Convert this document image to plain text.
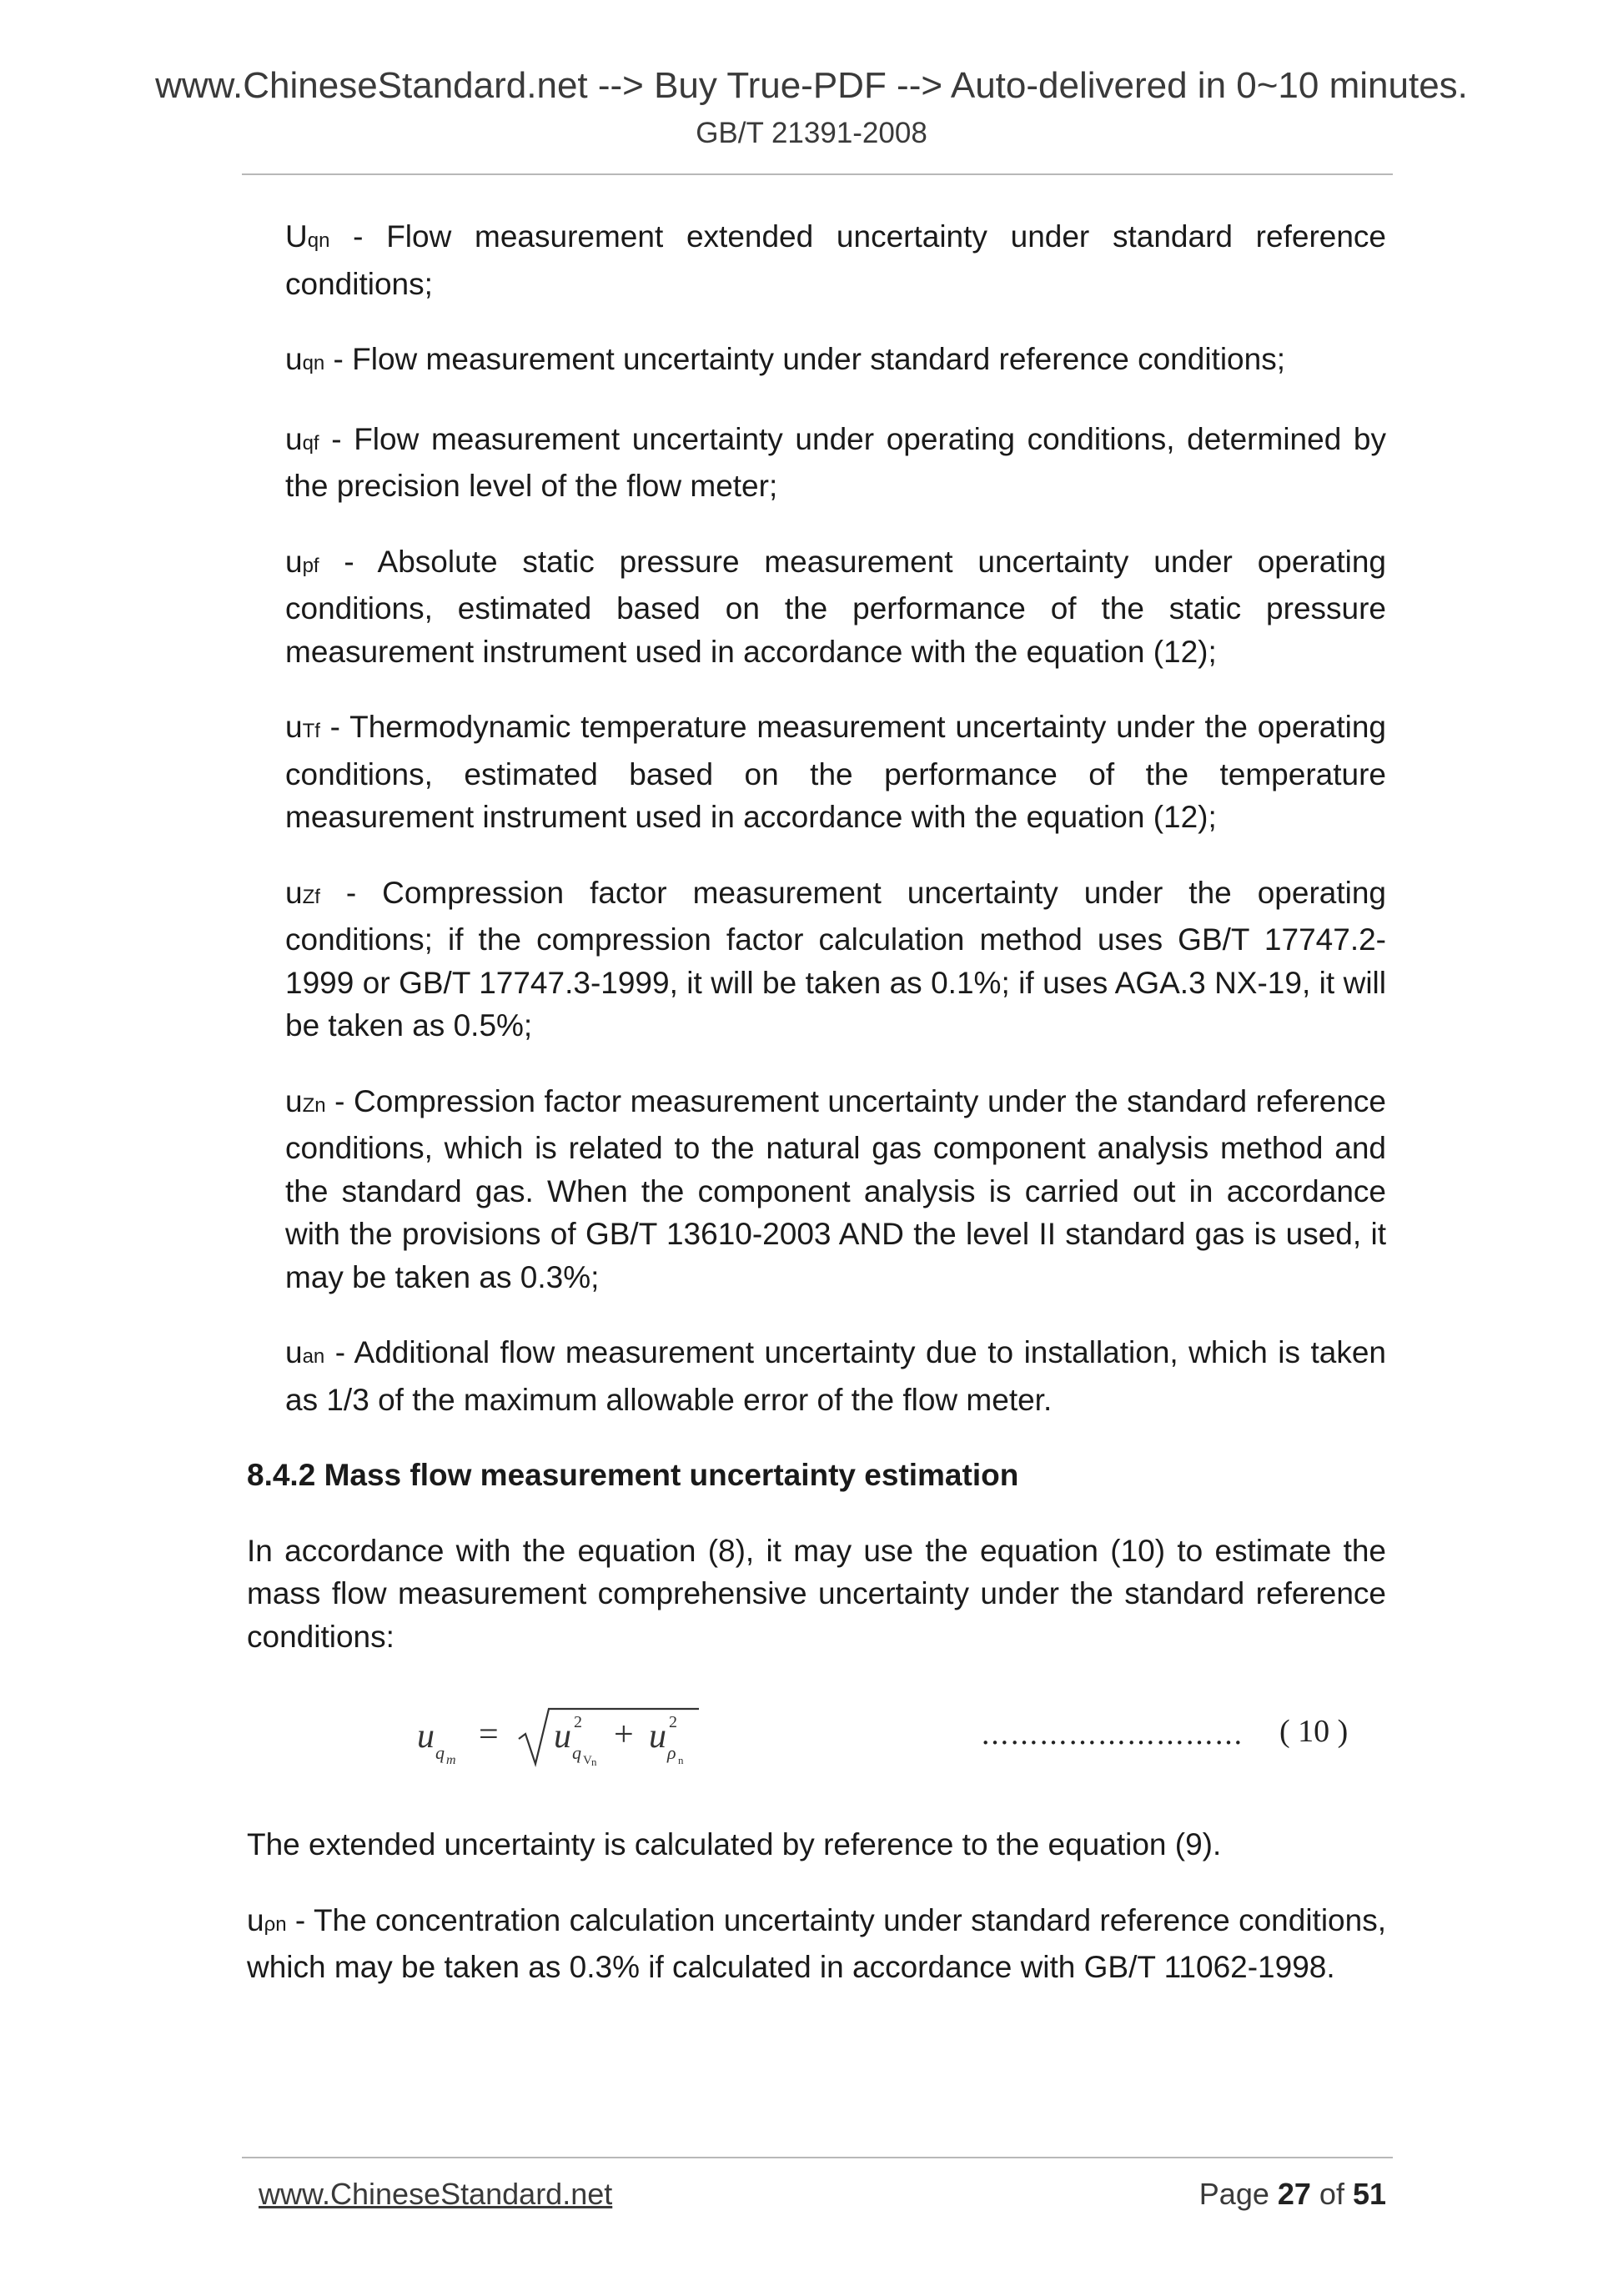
www.ChineseStandard.net --> Buy True-PDF --> Auto-delivered in 0~10 minutes.
GB/T 21391-2008
Uqn - Flow measurement extended uncertainty under standard reference conditions;
uqn - Flow measurement uncertainty under standard reference conditions;
uqf - Flow measurement uncertainty under operating conditions, determined by the precision level of the flow meter;
upf - Absolute static pressure measurement uncertainty under operating conditions, estimated based on the performance of the static pressure measurement instrument used in accordance with the equation (12);
uTf - Thermodynamic temperature measurement uncertainty under the operating conditions, estimated based on the performance of the temperature measurement instrument used in accordance with the equation (12);
uZf - Compression factor measurement uncertainty under the operating conditions; if the compression factor calculation method uses GB/T 17747.2-1999 or GB/T 17747.3-1999, it will be taken as 0.1%; if uses AGA.3 NX-19, it will be taken as 0.5%;
uZn - Compression factor measurement uncertainty under the standard reference conditions, which is related to the natural gas component analysis method and the standard gas. When the component analysis is carried out in accordance with the provisions of GB/T 13610-2003 AND the level II standard gas is used, it may be taken as 0.3%;
uan - Additional flow measurement uncertainty due to installation, which is taken as 1/3 of the maximum allowable error of the flow meter.
8.4.2 Mass flow measurement uncertainty estimation
In accordance with the equation (8), it may use the equation (10) to estimate the mass flow measurement comprehensive uncertainty under the standard reference conditions:
u q m
= u 2
q V n
+ u 2
ρ n
……………………… ( 10 )
The extended uncertainty is calculated by reference to the equation (9).
uρn - The concentration calculation uncertainty under standard reference conditions, which may be taken as 0.3% if calculated in accordance with GB/T 11062-1998.
www.ChineseStandard.net	Page 27 of 51
